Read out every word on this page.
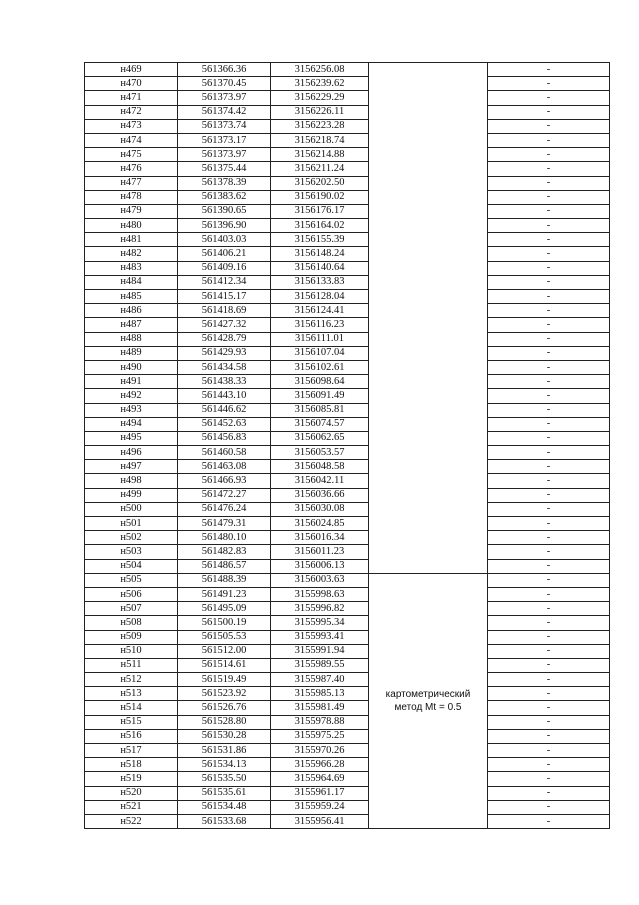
н469	561366.36	3156256.08		-
н470	561370.45	3156239.62		-
н471	561373.97	3156229.29		-
н472	561374.42	3156226.11		-
н473	561373.74	3156223.28		-
н474	561373.17	3156218.74		-
н475	561373.97	3156214.88		-
н476	561375.44	3156211.24		-
н477	561378.39	3156202.50		-
н478	561383.62	3156190.02		-
н479	561390.65	3156176.17		-
н480	561396.90	3156164.02		-
н481	561403.03	3156155.39		-
н482	561406.21	3156148.24		-
н483	561409.16	3156140.64		-
н484	561412.34	3156133.83		-
н485	561415.17	3156128.04		-
н486	561418.69	3156124.41		-
н487	561427.32	3156116.23		-
н488	561428.79	3156111.01		-
н489	561429.93	3156107.04		-
н490	561434.58	3156102.61		-
н491	561438.33	3156098.64		-
н492	561443.10	3156091.49		-
н493	561446.62	3156085.81		-
н494	561452.63	3156074.57		-
н495	561456.83	3156062.65		-
н496	561460.58	3156053.57		-
н497	561463.08	3156048.58		-
н498	561466.93	3156042.11		-
н499	561472.27	3156036.66		-
н500	561476.24	3156030.08		-
н501	561479.31	3156024.85		-
н502	561480.10	3156016.34		-
н503	561482.83	3156011.23		-
н504	561486.57	3156006.13		-
н505	561488.39	3156003.63	картометрический метод Mt = 0.5	-
н506	561491.23	3155998.63		-
н507	561495.09	3155996.82		-
н508	561500.19	3155995.34		-
н509	561505.53	3155993.41		-
н510	561512.00	3155991.94		-
н511	561514.61	3155989.55		-
н512	561519.49	3155987.40		-
н513	561523.92	3155985.13		-
н514	561526.76	3155981.49		-
н515	561528.80	3155978.88		-
н516	561530.28	3155975.25		-
н517	561531.86	3155970.26		-
н518	561534.13	3155966.28		-
н519	561535.50	3155964.69		-
н520	561535.61	3155961.17		-
н521	561534.48	3155959.24		-
н522	561533.68	3155956.41		-
